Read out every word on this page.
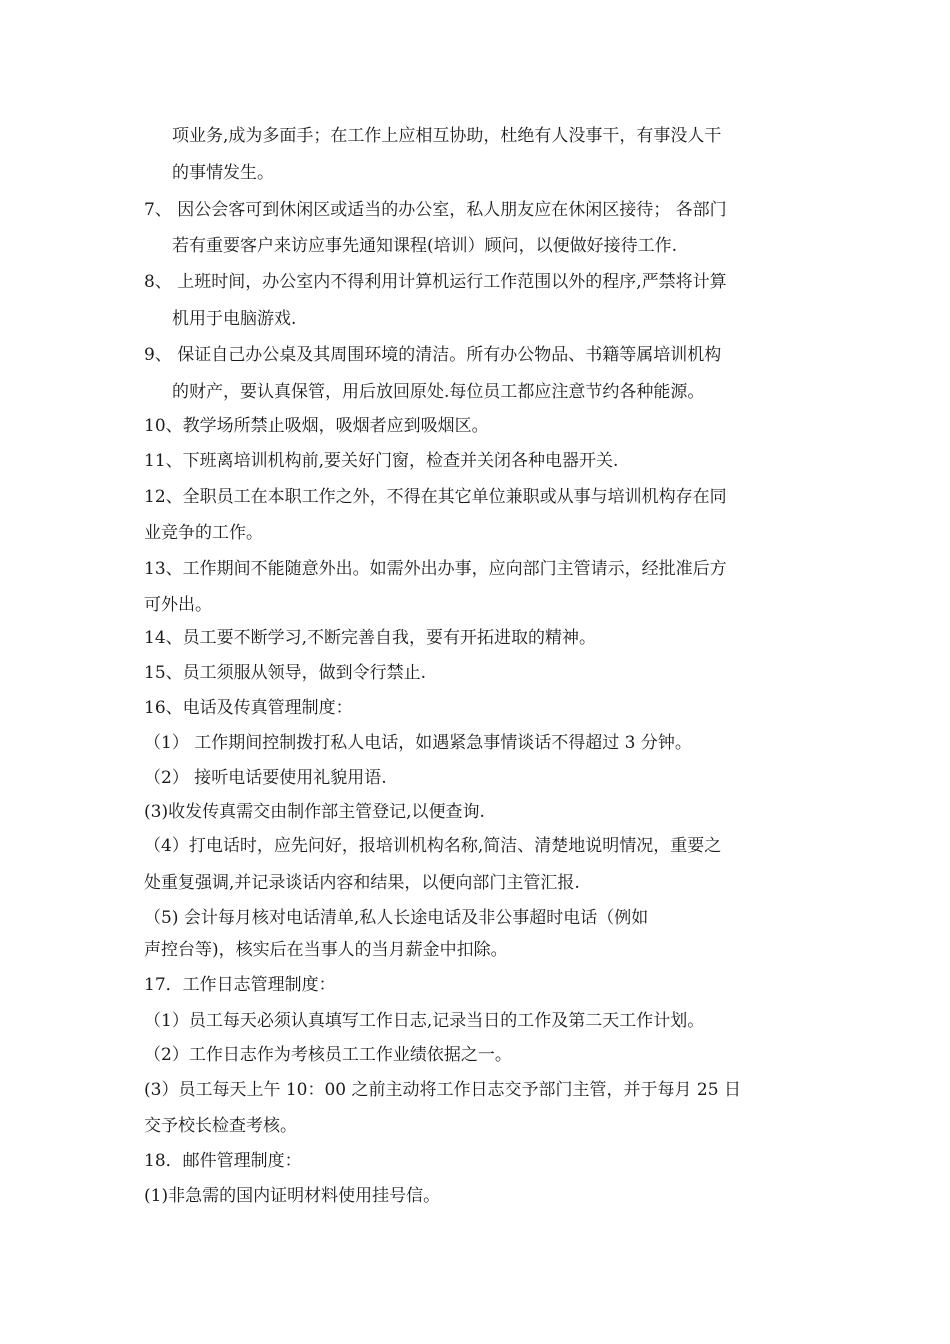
项业务,成为多面手；在工作上应相互协助，杜绝有人没事干，有事没人干
的事情发生。
7、 因公会客可到休闲区或适当的办公室，私人朋友应在休闲区接待； 各部门
若有重要客户来访应事先通知课程(培训）顾问，以便做好接待工作.
8、 上班时间，办公室内不得利用计算机运行工作范围以外的程序,严禁将计算
机用于电脑游戏.
9、 保证自己办公桌及其周围环境的清洁。所有办公物品、书籍等属培训机构
的财产，要认真保管，用后放回原处.每位员工都应注意节约各种能源。
10、教学场所禁止吸烟，吸烟者应到吸烟区。
11、下班离培训机构前,要关好门窗，检查并关闭各种电器开关.
12、全职员工在本职工作之外，不得在其它单位兼职或从事与培训机构存在同
业竞争的工作。
13、工作期间不能随意外出。如需外出办事，应向部门主管请示，经批准后方
可外出。
14、员工要不断学习,不断完善自我，要有开拓进取的精神。
15、员工须服从领导，做到令行禁止.
16、电话及传真管理制度：
（1） 工作期间控制拨打私人电话，如遇紧急事情谈话不得超过 3 分钟。
（2） 接听电话要使用礼貌用语.
(3)收发传真需交由制作部主管登记,以便查询.
（4）打电话时，应先问好，报培训机构名称,简洁、清楚地说明情况，重要之
处重复强调,并记录谈话内容和结果，以便向部门主管汇报.
（5) 会计每月核对电话清单,私人长途电话及非公事超时电话（例如
声控台等)，核实后在当事人的当月薪金中扣除。
17．工作日志管理制度：
（1）员工每天必须认真填写工作日志,记录当日的工作及第二天工作计划。
（2）工作日志作为考核员工工作业绩依据之一。
(3）员工每天上午 10：00 之前主动将工作日志交予部门主管，并于每月 25 日
交予校长检查考核。
18．邮件管理制度：
(1)非急需的国内证明材料使用挂号信。
